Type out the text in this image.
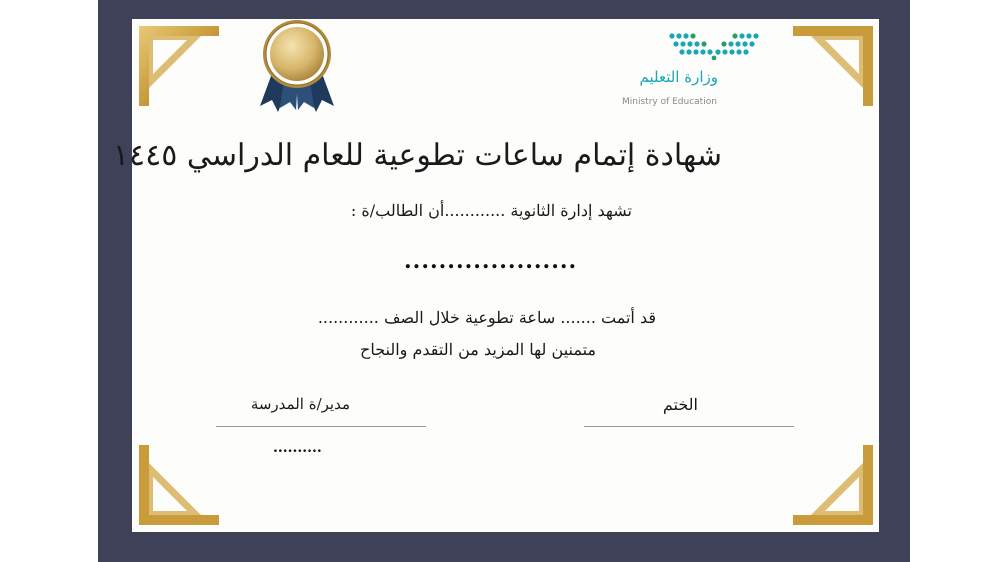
وزارة التعليم
Ministry of Education
شهادة إتمام ساعات تطوعية للعام الدراسي ١٤٤٥
تشهد إدارة الثانوية ............أن الطالب/ة :
....................
قد أتمت ....... ساعة تطوعية خلال الصف ............
متمنين لها المزيد من التقدم والنجاح
الختم
مدير/ة المدرسة
..........
